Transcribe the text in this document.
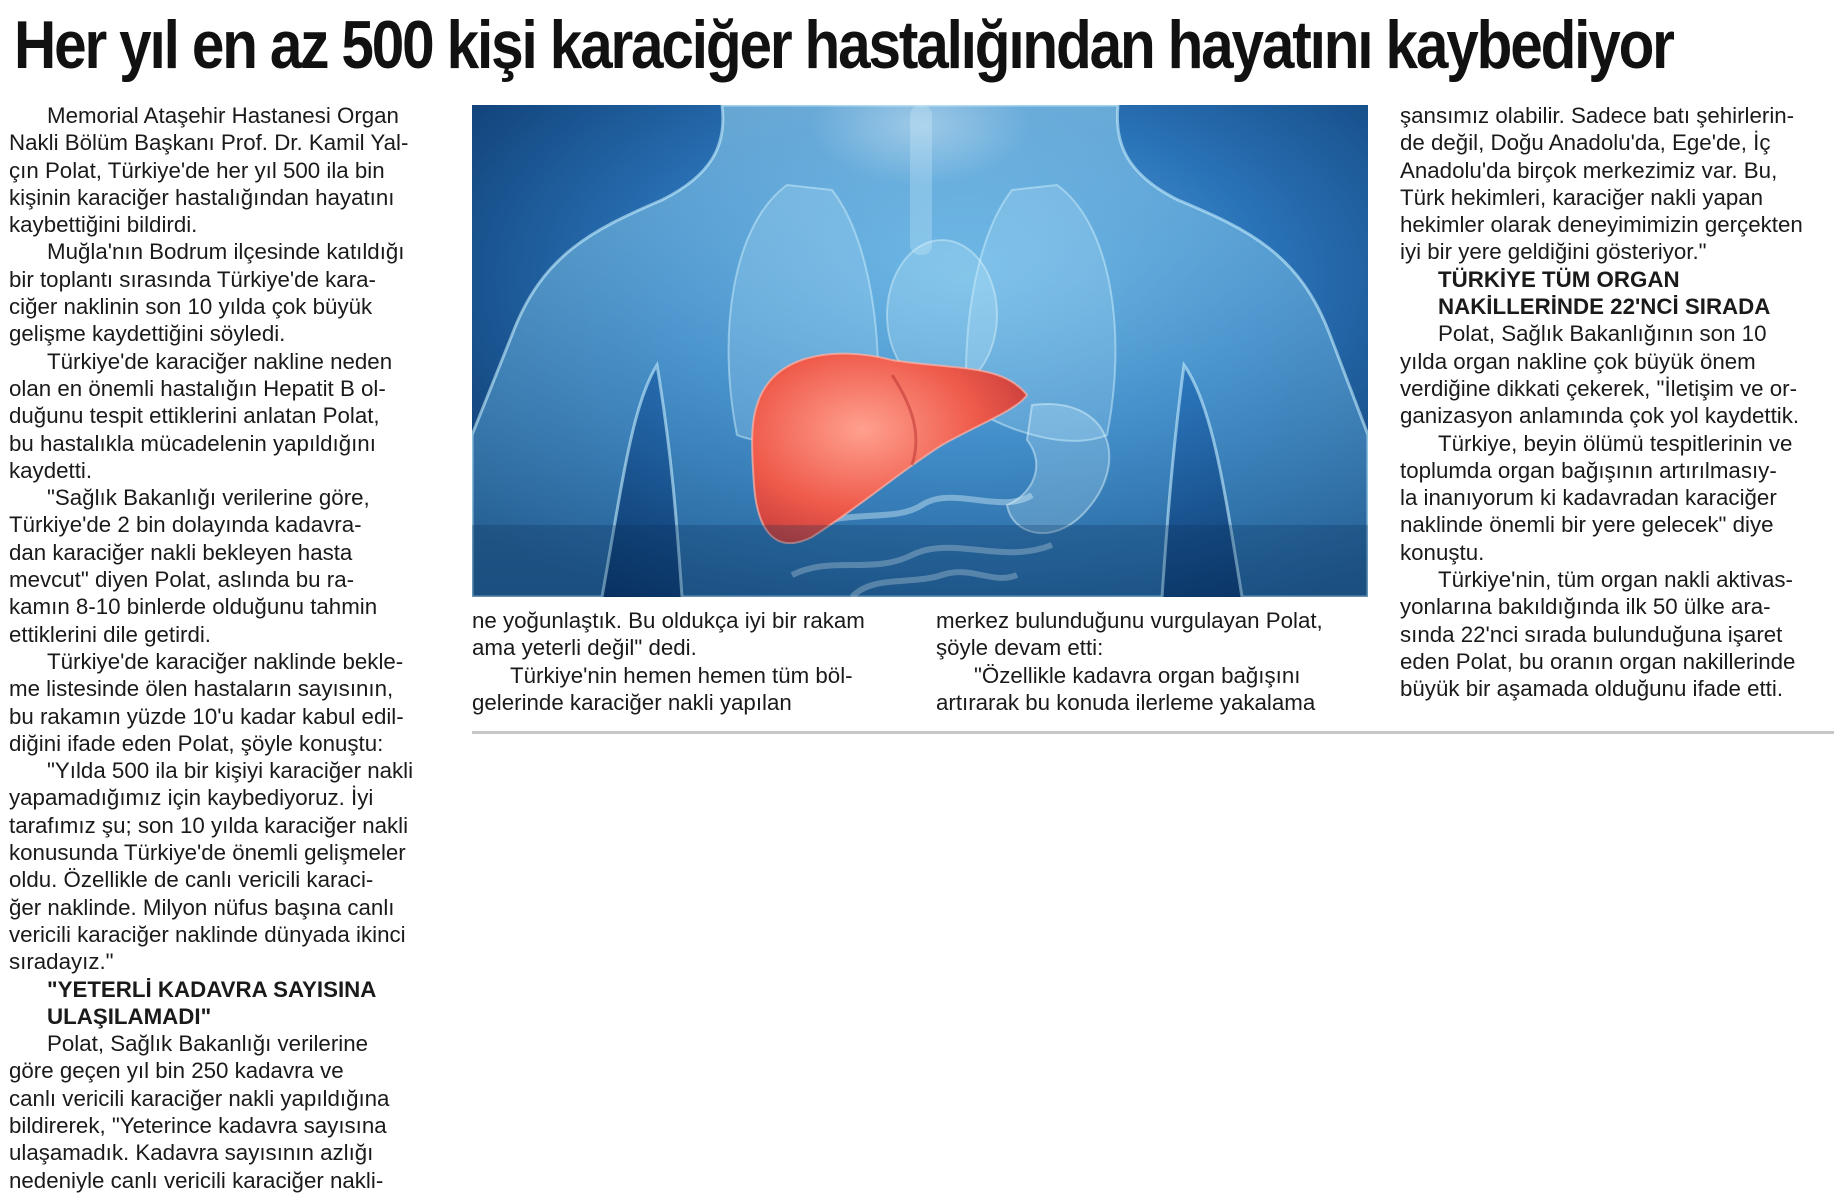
Her yıl en az 500 kişi karaciğer hastalığından hayatını kaybediyor

Memorial Ataşehir Hastanesi Organ

Nakli Bölüm Başkanı Prof. Dr. Kamil Yal-

çın Polat, Türkiye'de her yıl 500 ila bin

kişinin karaciğer hastalığından hayatını

kaybettiğini bildirdi.

Muğla'nın Bodrum ilçesinde katıldığı

bir toplantı sırasında Türkiye'de kara-

ciğer naklinin son 10 yılda çok büyük

gelişme kaydettiğini söyledi.

Türkiye'de karaciğer nakline neden

olan en önemli hastalığın Hepatit B ol-

duğunu tespit ettiklerini anlatan Polat,

bu hastalıkla mücadelenin yapıldığını

kaydetti.

"Sağlık Bakanlığı verilerine göre,

Türkiye'de 2 bin dolayında kadavra-

dan karaciğer nakli bekleyen hasta

mevcut" diyen Polat, aslında bu ra-

kamın 8-10 binlerde olduğunu tahmin

ettiklerini dile getirdi.

Türkiye'de karaciğer naklinde bekle-

me listesinde ölen hastaların sayısının,

bu rakamın yüzde 10'u kadar kabul edil-

diğini ifade eden Polat, şöyle konuştu:

"Yılda 500 ila bir kişiyi karaciğer nakli

yapamadığımız için kaybediyoruz. İyi

tarafımız şu; son 10 yılda karaciğer nakli

konusunda Türkiye'de önemli gelişmeler

oldu. Özellikle de canlı vericili karaci-

ğer naklinde. Milyon nüfus başına canlı

vericili karaciğer naklinde dünyada ikinci

sıradayız."

"YETERLİ KADAVRA SAYISINA

ULAŞILAMADI"

Polat, Sağlık Bakanlığı verilerine

göre geçen yıl bin 250 kadavra ve

canlı vericili karaciğer nakli yapıldığına

bildirerek, "Yeterince kadavra sayısına

ulaşamadık. Kadavra sayısının azlığı

nedeniyle canlı vericili karaciğer nakli-

ne yoğunlaştık. Bu oldukça iyi bir rakam

ama yeterli değil" dedi.

Türkiye'nin hemen hemen tüm böl-

gelerinde karaciğer nakli yapılan

merkez bulunduğunu vurgulayan Polat,

şöyle devam etti:

"Özellikle kadavra organ bağışını

artırarak bu konuda ilerleme yakalama

şansımız olabilir. Sadece batı şehirlerin-

de değil, Doğu Anadolu'da, Ege'de, İç

Anadolu'da birçok merkezimiz var. Bu,

Türk hekimleri, karaciğer nakli yapan

hekimler olarak deneyimimizin gerçekten

iyi bir yere geldiğini gösteriyor."

TÜRKİYE TÜM ORGAN

NAKİLLERİNDE 22'NCİ SIRADA

Polat, Sağlık Bakanlığının son 10

yılda organ nakline çok büyük önem

verdiğine dikkati çekerek, "İletişim ve or-

ganizasyon anlamında çok yol kaydettik.

Türkiye, beyin ölümü tespitlerinin ve

toplumda organ bağışının artırılmasıy-

la inanıyorum ki kadavradan karaciğer

naklinde önemli bir yere gelecek" diye

konuştu.

Türkiye'nin, tüm organ nakli aktivas-

yonlarına bakıldığında ilk 50 ülke ara-

sında 22'nci sırada bulunduğuna işaret

eden Polat, bu oranın organ nakillerinde

büyük bir aşamada olduğunu ifade etti.
